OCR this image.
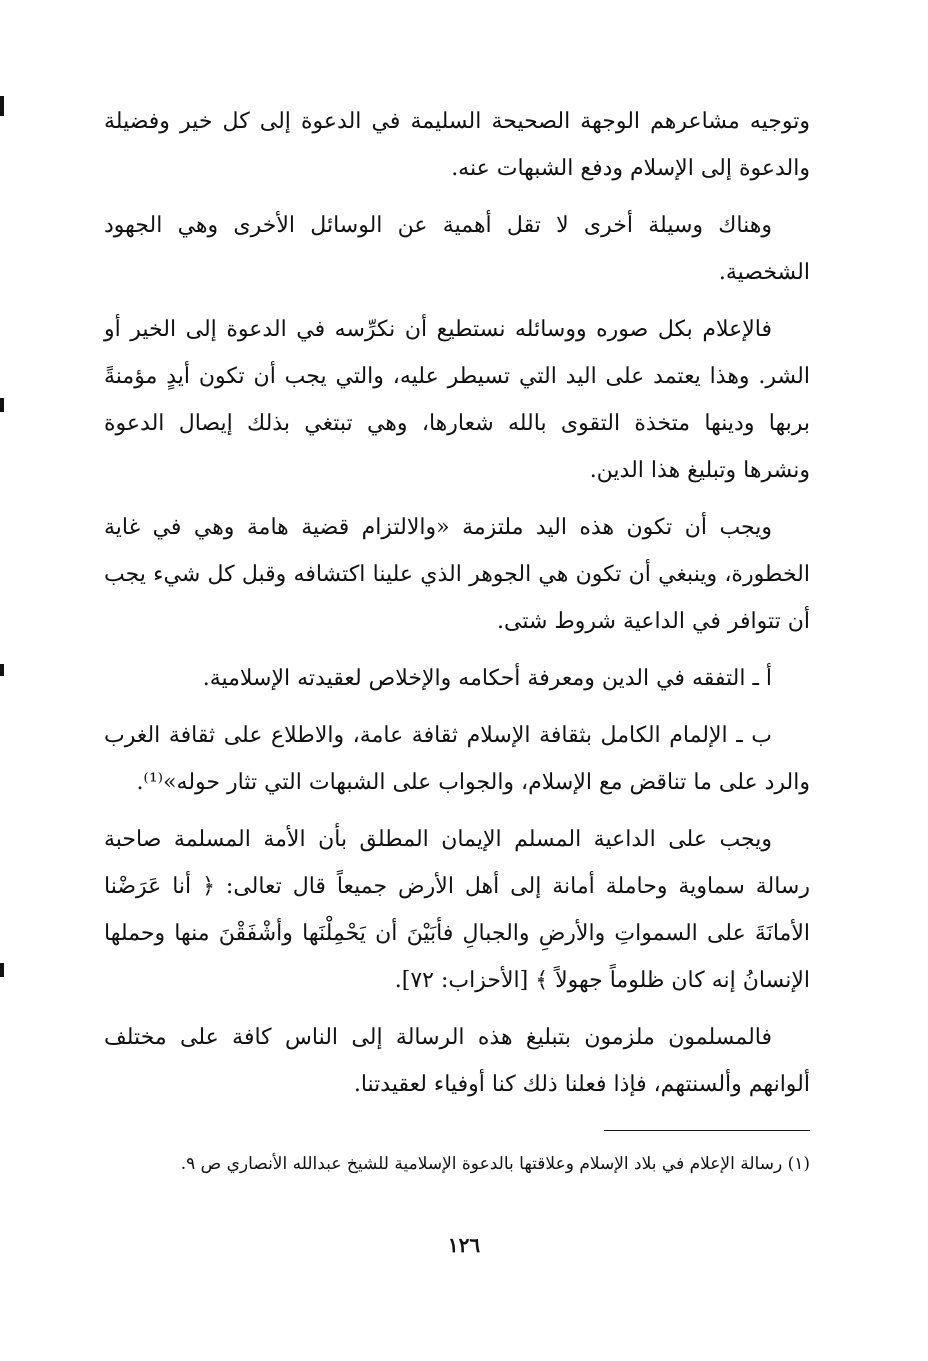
وتوجيه مشاعرهم الوجهة الصحيحة السليمة في الدعوة إلى كل خير وفضيلة والدعوة إلى الإسلام ودفع الشبهات عنه.

وهناك وسيلة أخرى لا تقل أهمية عن الوسائل الأخرى وهي الجهود الشخصية.

فالإعلام بكل صوره ووسائله نستطيع أن نكرِّسه في الدعوة إلى الخير أو الشر. وهذا يعتمد على اليد التي تسيطر عليه، والتي يجب أن تكون أيدٍ مؤمنةً بربها ودينها متخذة التقوى بالله شعارها، وهي تبتغي بذلك إيصال الدعوة ونشرها وتبليغ هذا الدين.

ويجب أن تكون هذه اليد ملتزمة «والالتزام قضية هامة وهي في غاية الخطورة، وينبغي أن تكون هي الجوهر الذي علينا اكتشافه وقبل كل شيء يجب أن تتوافر في الداعية شروط شتى.

أ ـ التفقه في الدين ومعرفة أحكامه والإخلاص لعقيدته الإسلامية.

ب ـ الإلمام الكامل بثقافة الإسلام ثقافة عامة، والاطلاع على ثقافة الغرب والرد على ما تناقض مع الإسلام، والجواب على الشبهات التي تثار حوله»⁽¹⁾.

ويجب على الداعية المسلم الإيمان المطلق بأن الأمة المسلمة صاحبة رسالة سماوية وحاملة أمانة إلى أهل الأرض جميعاً قال تعالى: ﴿ أنا عَرَضْنا الأمانَةَ على السمواتِ والأرضِ والجبالِ فأبَيْنَ أن يَحْمِلْنَها وأشْفَقْنَ منها وحملها الإنسانُ إنه كان ظلوماً جهولاً ﴾ [الأحزاب: ٧٢].

فالمسلمون ملزمون بتبليغ هذه الرسالة إلى الناس كافة على مختلف ألوانهم وألسنتهم، فإذا فعلنا ذلك كنا أوفياء لعقيدتنا.

(١) رسالة الإعلام في بلاد الإسلام وعلاقتها بالدعوة الإسلامية للشيخ عبدالله الأنصاري ص ٩.
١٢٦
